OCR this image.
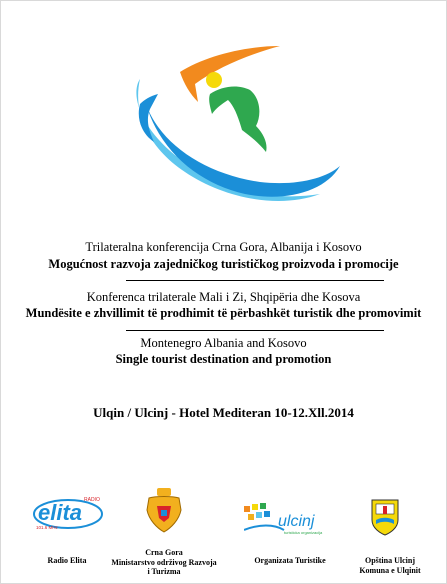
Trilateralna konferencija Crna Gora, Albanija i Kosovo
Mogućnost razvoja zajedničkog turističkog proizvoda i promocije
Konferenca trilaterale Mali i Zi, Shqipëria dhe Kosova
Mundësite e zhvillimit të prodhimit të përbashkët turistik dhe promovimit
Montenegro Albania and Kosovo
Single tourist destination and promotion
Ulqin / Ulcinj - Hotel Mediteran 10-12.Xll.2014
elita RADIO
101.6 MHz
Radio Elita
Crna Gora
Ministarstvo održivog Razvoja
i Turizma
ulcinj
turisticka organizacija
Organizata Turistike	Opština Ulcinj
Komuna e Ulqinit
